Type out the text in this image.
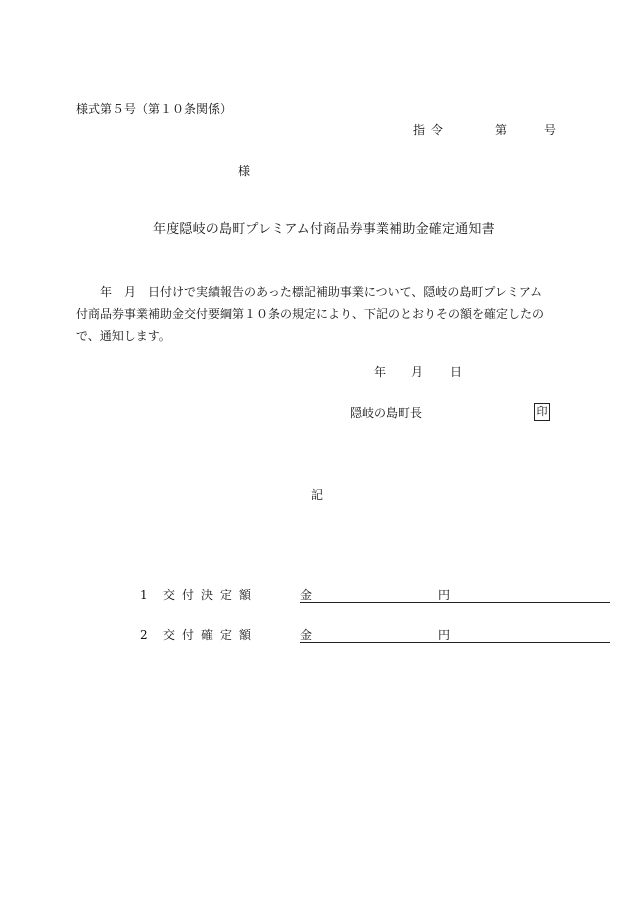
様式第５号（第１０条関係）
指令	第	号
様
年度隠岐の島町プレミアム付商品券事業補助金確定通知書
　　年　月　日付けで実績報告のあった標記補助事業について、隠岐の島町プレミアム
付商品券事業補助金交付要綱第１０条の規定により、下記のとおりその額を確定したの
で、通知します。
年 月 日
隠岐の島町長	印
記
1 交付決定額	金	円
2 交付確定額	金	円
